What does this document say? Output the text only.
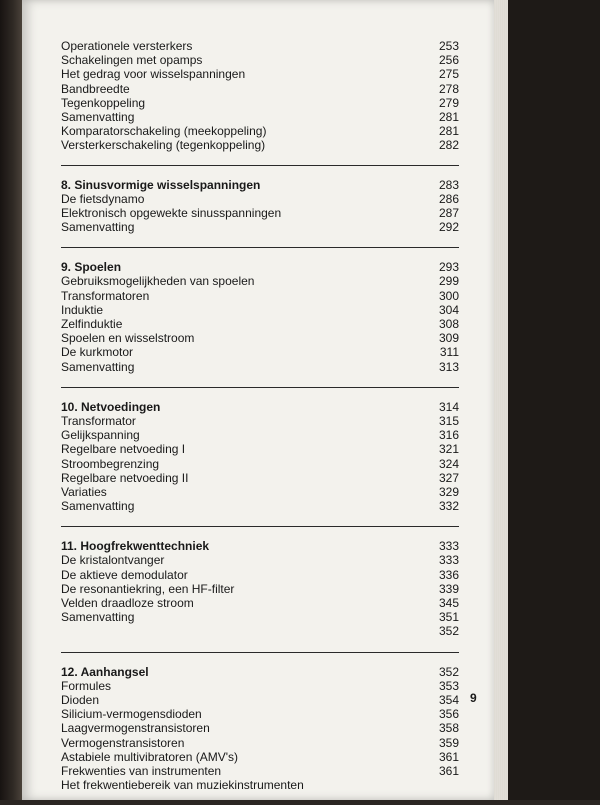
Operationele versterkers	253
Schakelingen met opamps	256
Het gedrag voor wisselspanningen	275
Bandbreedte	278
Tegenkoppeling	279
Samenvatting	281
Komparatorschakeling (meekoppeling)	281
Versterkerschakeling (tegenkoppeling)	282
8. Sinusvormige wisselspanningen	283
De fietsdynamo	286
Elektronisch opgewekte sinusspanningen	287
Samenvatting	292
9. Spoelen	293
Gebruiksmogelijkheden van spoelen	299
Transformatoren	300
Induktie	304
Zelfinduktie	308
Spoelen en wisselstroom	309
De kurkmotor	311
Samenvatting	313
10. Netvoedingen	314
Transformator	315
Gelijkspanning	316
Regelbare netvoeding I	321
Stroombegrenzing	324
Regelbare netvoeding II	327
Variaties	329
Samenvatting	332
11. Hoogfrekwenttechniek	333
De kristalontvanger	333
De aktieve demodulator	336
De resonantiekring, een HF-filter	339
Velden draadloze stroom	345
Samenvatting	351
352
12. Aanhangsel	352
Formules	353
Dioden	354
Silicium-vermogensdioden	356
Laagvermogenstransistoren	358
Vermogenstransistoren	359
Astabiele multivibratoren (AMV's)	361
Frekwenties van instrumenten	361
Het frekwentiebereik van muziekinstrumenten
9
